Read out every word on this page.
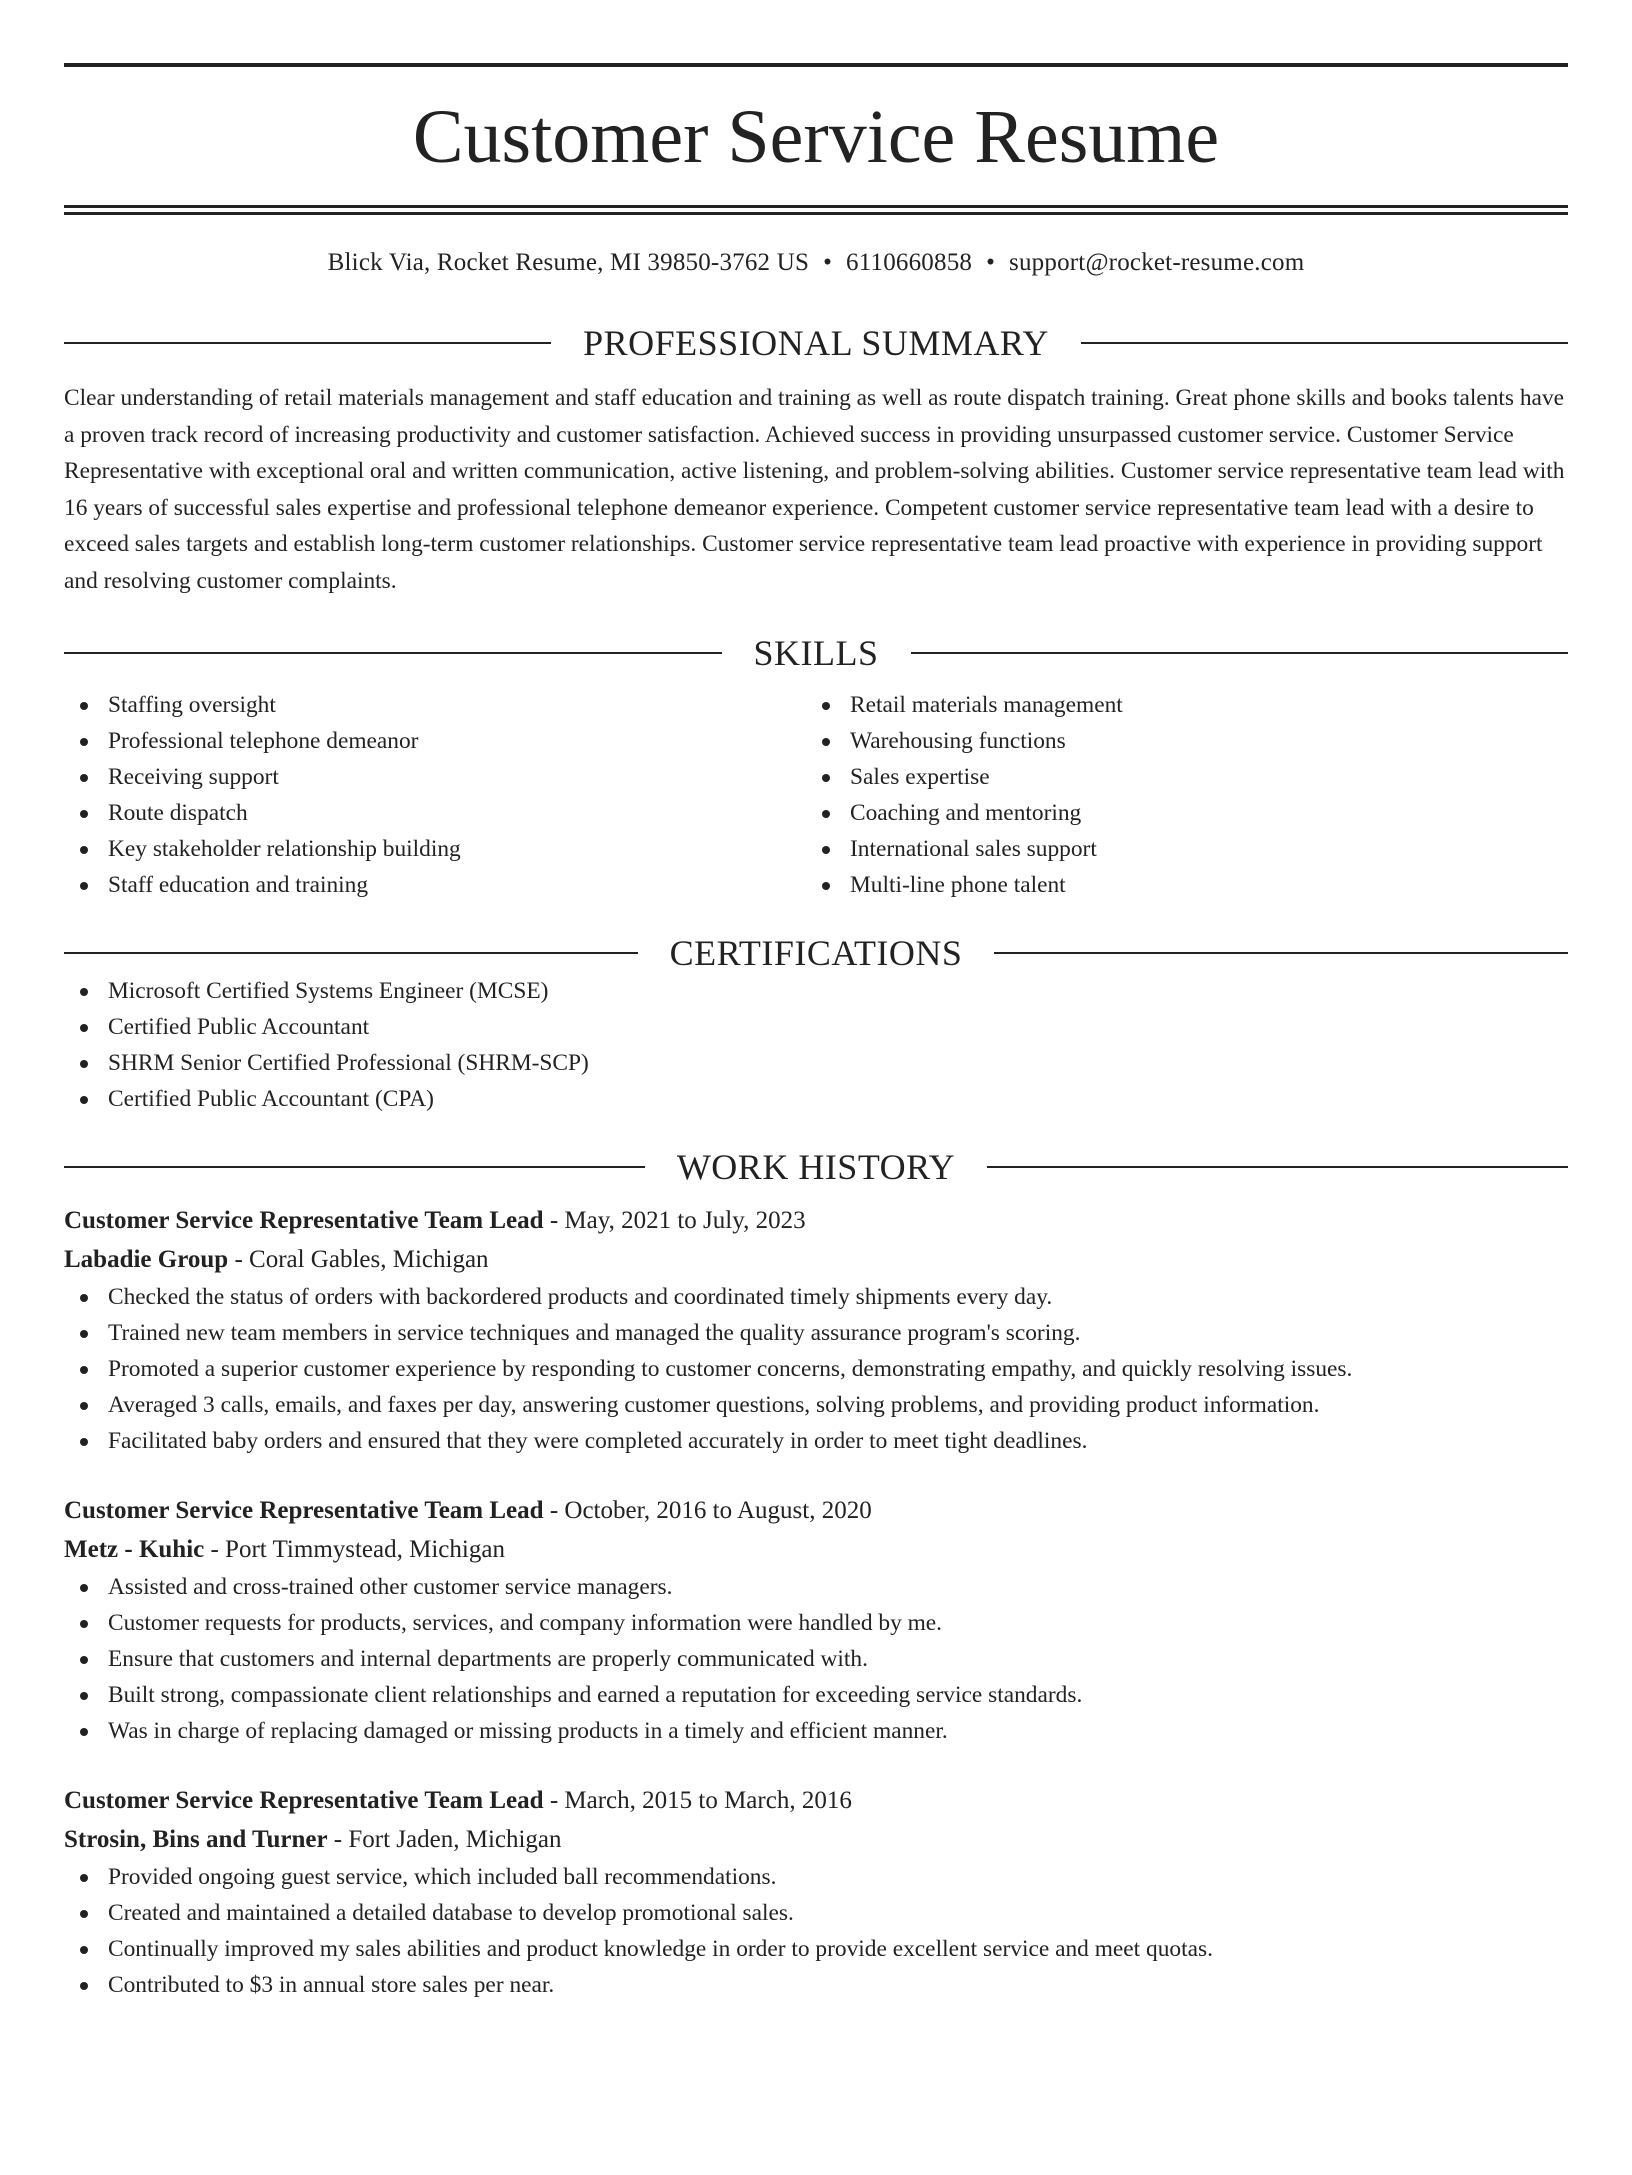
Customer Service Resume
Blick Via, Rocket Resume, MI 39850-3762 US • 6110660858 • support@rocket-resume.com
PROFESSIONAL SUMMARY
Clear understanding of retail materials management and staff education and training as well as route dispatch training. Great phone skills and books talents have a proven track record of increasing productivity and customer satisfaction. Achieved success in providing unsurpassed customer service. Customer Service Representative with exceptional oral and written communication, active listening, and problem-solving abilities. Customer service representative team lead with 16 years of successful sales expertise and professional telephone demeanor experience. Competent customer service representative team lead with a desire to exceed sales targets and establish long-term customer relationships. Customer service representative team lead proactive with experience in providing support and resolving customer complaints.
SKILLS
Staffing oversight
Professional telephone demeanor
Receiving support
Route dispatch
Key stakeholder relationship building
Staff education and training
Retail materials management
Warehousing functions
Sales expertise
Coaching and mentoring
International sales support
Multi-line phone talent
CERTIFICATIONS
Microsoft Certified Systems Engineer (MCSE)
Certified Public Accountant
SHRM Senior Certified Professional (SHRM-SCP)
Certified Public Accountant (CPA)
WORK HISTORY
Customer Service Representative Team Lead - May, 2021 to July, 2023
Labadie Group - Coral Gables, Michigan
Checked the status of orders with backordered products and coordinated timely shipments every day.
Trained new team members in service techniques and managed the quality assurance program's scoring.
Promoted a superior customer experience by responding to customer concerns, demonstrating empathy, and quickly resolving issues.
Averaged 3 calls, emails, and faxes per day, answering customer questions, solving problems, and providing product information.
Facilitated baby orders and ensured that they were completed accurately in order to meet tight deadlines.
Customer Service Representative Team Lead - October, 2016 to August, 2020
Metz - Kuhic - Port Timmystead, Michigan
Assisted and cross-trained other customer service managers.
Customer requests for products, services, and company information were handled by me.
Ensure that customers and internal departments are properly communicated with.
Built strong, compassionate client relationships and earned a reputation for exceeding service standards.
Was in charge of replacing damaged or missing products in a timely and efficient manner.
Customer Service Representative Team Lead - March, 2015 to March, 2016
Strosin, Bins and Turner - Fort Jaden, Michigan
Provided ongoing guest service, which included ball recommendations.
Created and maintained a detailed database to develop promotional sales.
Continually improved my sales abilities and product knowledge in order to provide excellent service and meet quotas.
Contributed to $3 in annual store sales per near.
